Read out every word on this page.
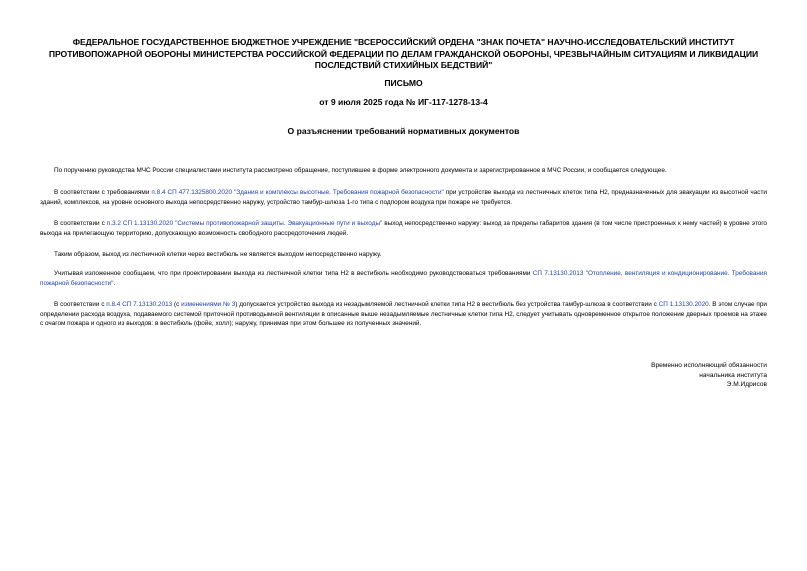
ФЕДЕРАЛЬНОЕ ГОСУДАРСТВЕННОЕ БЮДЖЕТНОЕ УЧРЕЖДЕНИЕ "ВСЕРОССИЙСКИЙ ОРДЕНА "ЗНАК ПОЧЕТА" НАУЧНО-ИССЛЕДОВАТЕЛЬСКИЙ ИНСТИТУТ ПРОТИВОПОЖАРНОЙ ОБОРОНЫ МИНИСТЕРСТВА РОССИЙСКОЙ ФЕДЕРАЦИИ ПО ДЕЛАМ ГРАЖДАНСКОЙ ОБОРОНЫ, ЧРЕЗВЫЧАЙНЫМ СИТУАЦИЯМ И ЛИКВИДАЦИИ ПОСЛЕДСТВИЙ СТИХИЙНЫХ БЕДСТВИЙ"
ПИСЬМО
от 9 июля 2025 года № ИГ-117-1278-13-4
О разъяснении требований нормативных документов

По поручению руководства МЧС России специалистами института рассмотрено обращение, поступившее в форме электронного документа и зарегистрированное в МЧС России, и сообщается следующее.

В соответствии с требованиями п.8.4 СП 477.1325800.2020 "Здания и комплексы высотные. Требования пожарной безопасности" при устройстве выхода из лестничных клеток типа Н2, предназначенных для эвакуации из высотной части зданий, комплексов, на уровне основного выхода непосредственно наружу, устройство тамбур-шлюза 1-го типа с подпором воздуха при пожаре не требуется.

В соответствии с п.3.2 СП 1.13130.2020 "Системы противопожарной защиты. Эвакуационные пути и выходы" выход непосредственно наружу: выход за пределы габаритов здания (в том числе пристроенных к нему частей) в уровне этого выхода на прилегающую территорию, допускающую возможность свободного рассредоточения людей.

Таким образом, выход из лестничной клетки через вестибюль не является выходом непосредственно наружу.

Учитывая изложенное сообщаем, что при проектировании выхода из лестничной клетки типа Н2 в вестибюль необходимо руководствоваться требованиями СП 7.13130.2013 "Отопление, вентиляция и кондиционирование. Требования пожарной безопасности".

В соответствии с п.8.4 СП 7.13130.2013 (с изменениями № 3) допускается устройство выхода из незадымляемой лестничной клетки типа Н2 в вестибюль без устройства тамбур-шлюза в соответствии с СП 1.13130.2020. В этом случае при определении расхода воздуха, подаваемого системой приточной противодымной вентиляции в описанные выше незадымляемые лестничные клетки типа Н2, следует учитывать одновременное открытое положение дверных проемов на этаже с очагом пожара и одного из выходов: в вестибюль (фойе, холл); наружу, принимая при этом большее из полученных значений.

Временно исполняющий обязанности
начальника института
Э.М.Идрисов
